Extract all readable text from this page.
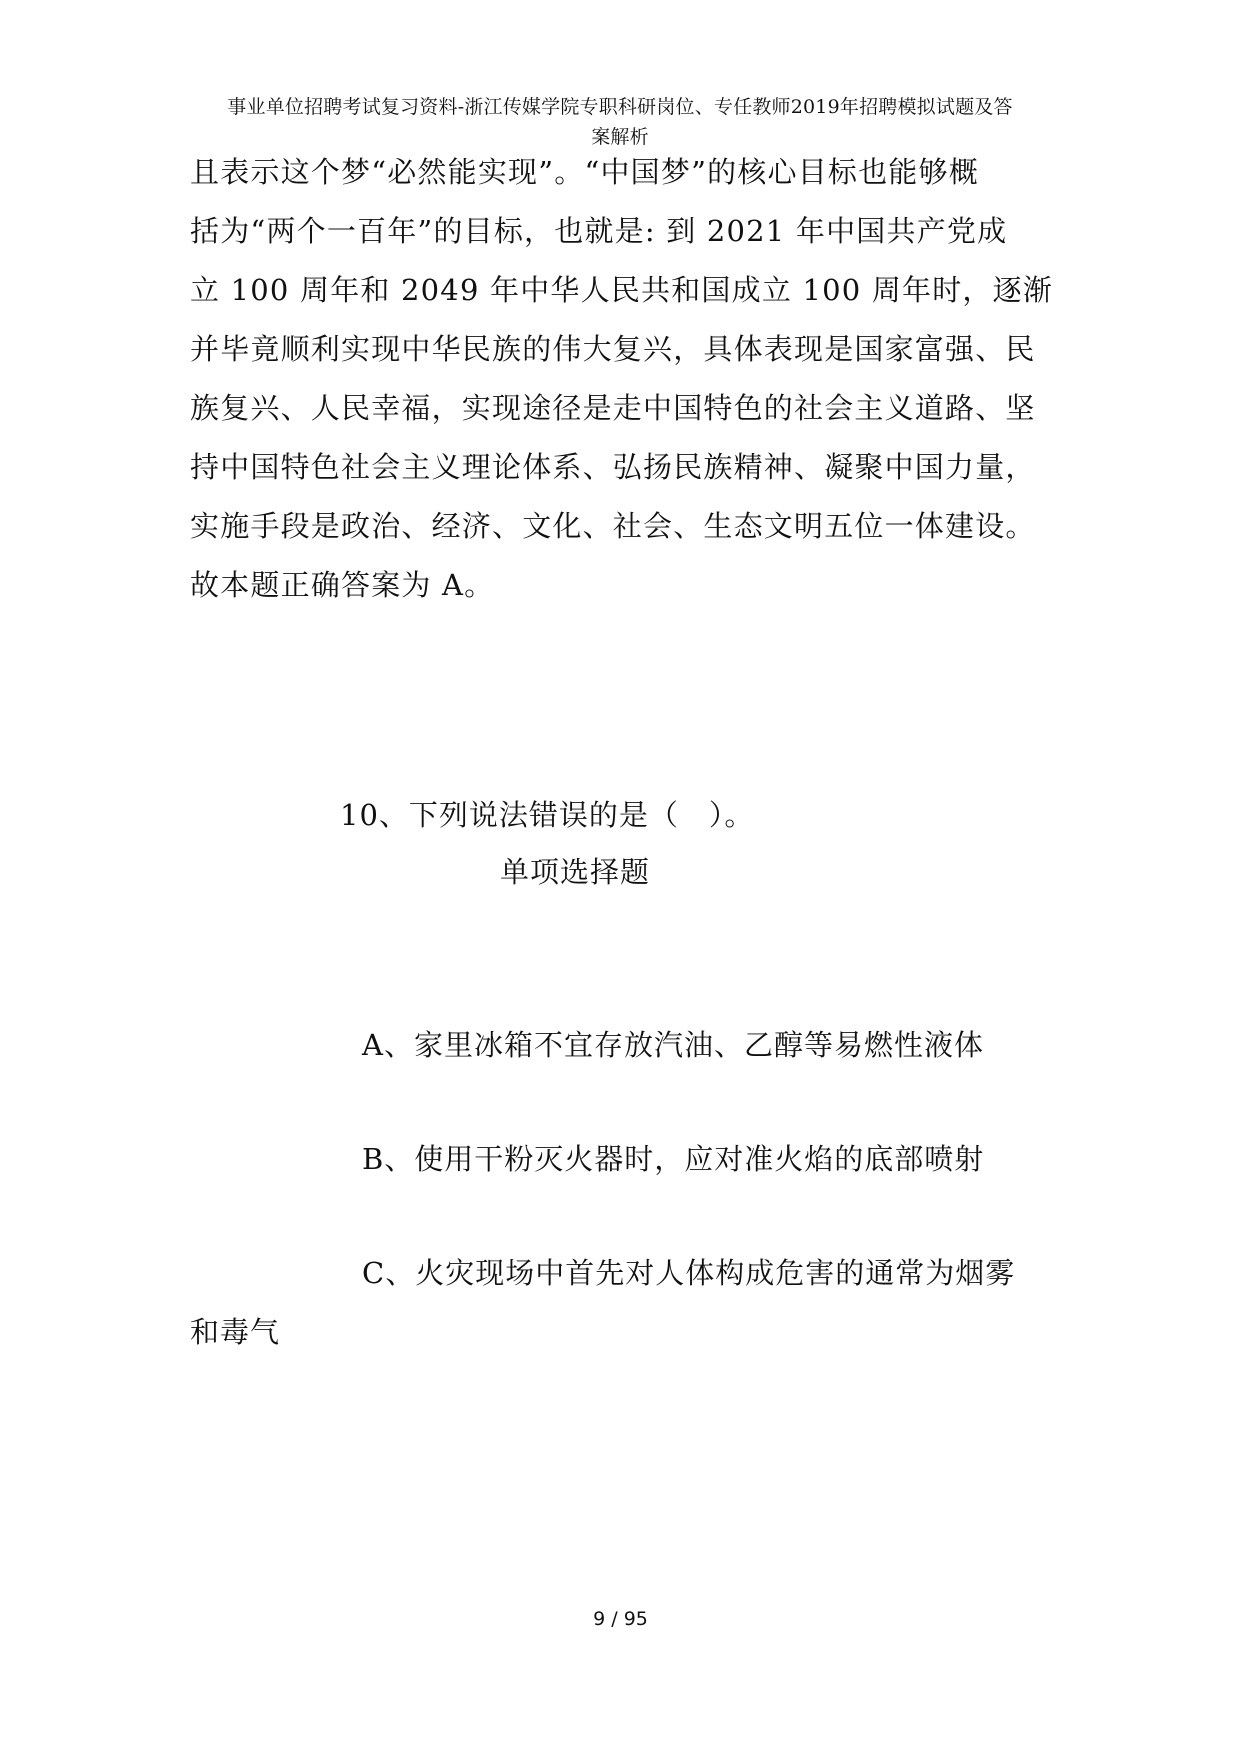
事业单位招聘考试复习资料-浙江传媒学院专职科研岗位、专任教师2019年招聘模拟试题及答
案解析
且表示这个梦“必然能实现”。“中国梦”的核心目标也能够概
括为“两个一百年”的目标，也就是: 到 2021 年中国共产党成
立 100 周年和 2049 年中华人民共和国成立 100 周年时，逐渐
并毕竟顺利实现中华民族的伟大复兴，具体表现是国家富强、民
族复兴、人民幸福，实现途径是走中国特色的社会主义道路、坚
持中国特色社会主义理论体系、弘扬民族精神、凝聚中国力量，
实施手段是政治、经济、文化、社会、生态文明五位一体建设。
故本题正确答案为 A。
10、下列说法错误的是（　）。
单项选择题
A、家里冰箱不宜存放汽油、乙醇等易燃性液体
B、使用干粉灭火器时，应对准火焰的底部喷射
C、火灾现场中首先对人体构成危害的通常为烟雾
和毒气
9 / 95
